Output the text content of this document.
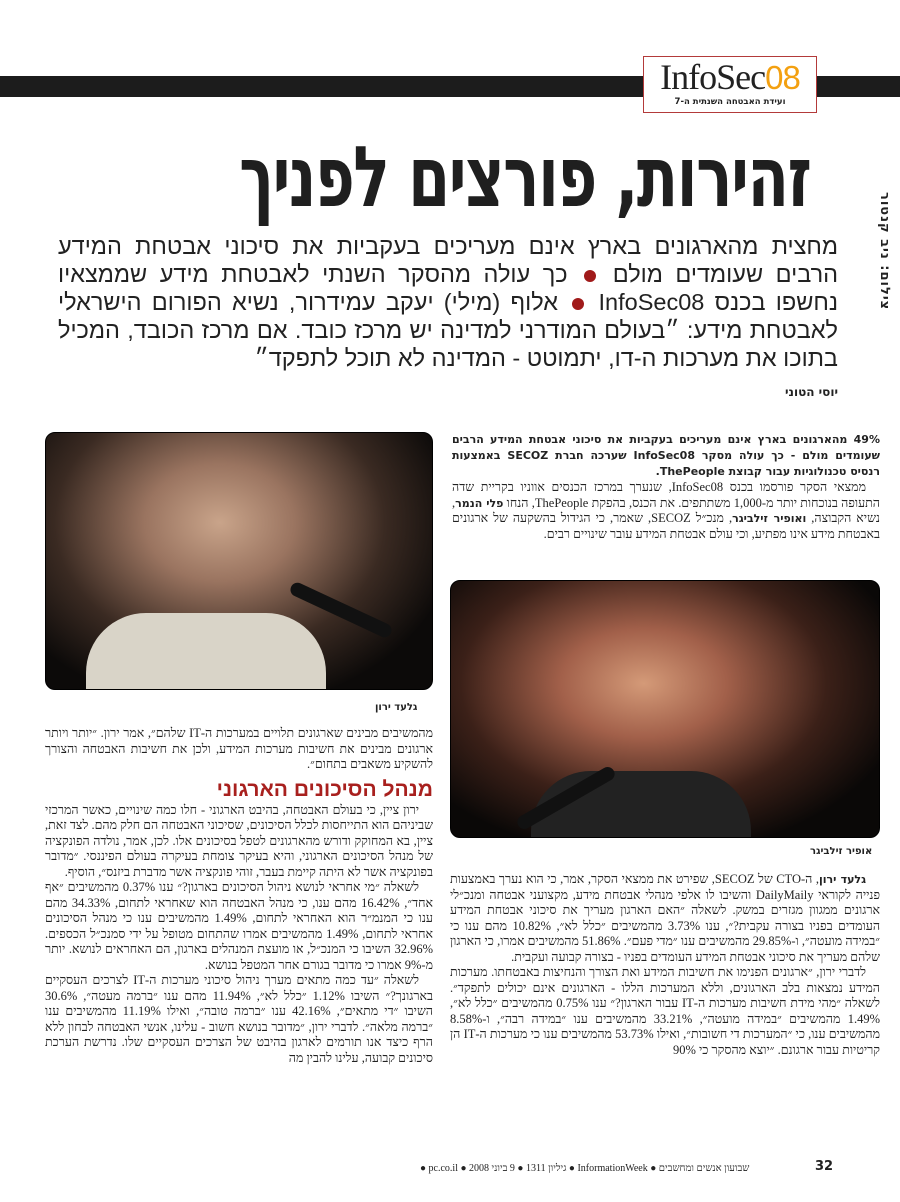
InfoSec08
ועידת האבטחה השנתית ה-7
צילום: ניב קנטור
זהירות, פורצים לפניך
מחצית מהארגונים בארץ אינם מעריכים בעקביות את סיכוני אבטחת המידע הרבים שעומדים מולם  כך עולה מהסקר השנתי לאבטחת מידע שממצאיו נחשפו בכנס InfoSec08  אלוף (מילי) יעקב עמידרור, נשיא הפורום הישראלי לאבטחת מידע: ״בעולם המודרני למדינה יש מרכז כובד. אם מרכז הכובד, המכיל בתוכו את מערכות ה-דו, יתמוטט - המדינה לא תוכל לתפקד״
יוסי הטוני

49% מהארגונים בארץ אינם מעריכים בעקביות את סיכוני אבטחת המידע הרבים שעומדים מולם - כך עולה מסקר InfoSec08 שערכה חברת SECOZ באמצעות רנסיס טכנולוגיות עבור קבוצת ThePeople.

ממצאי הסקר פורסמו בכנס InfoSec08, שנערך במרכז הכנסים אווניו בקריית שדה התעופה בנוכחות יותר מ-1,000 משתתפים. את הכנס, בהפקת ThePeople, הנחו פלי הנמר, נשיא הקבוצה, ואופיר זילביגר, מנכ״ל SECOZ, שאמר, כי הגידול בהשקעה של ארגונים באבטחת מידע אינו מפתיע, וכי עולם אבטחת המידע עובר שינויים רבים.

גלעד ירון
אופיר זילביגר

מהמשיבים מבינים שארגונים תלויים במערכות ה-IT שלהם״, אמר ירון. ״יותר ויותר ארגונים מבינים את חשיבות מערכות המידע, ולכן את חשיבות האבטחה והצורך להשקיע משאבים בתחום״.

מנהל הסיכונים הארגוני

ירון ציין, כי בעולם האבטחה, בהיבט הארגוני - חלו כמה שינויים, כאשר המרכזי שביניהם הוא התייחסות לכלל הסיכונים, שסיכוני האבטחה הם חלק מהם. לצד זאת, ציין, בא המחוקק ודורש מהארגונים לטפל בסיכונים אלו. לכן, אמר, נולדה הפונקציה של מנהל הסיכונים הארגוני, והיא בעיקר צומחת בעיקרה בעולם הפיננסי. ״מדובר בפונקציה אשר לא היתה קיימת בעבר, זוהי פונקציה אשר מדברת ביזנס״, הוסיף.

לשאלה ״מי אחראי לנושא ניהול הסיכונים בארגון?״ ענו 0.37% מהמשיבים ״אף אחד״, 16.42% מהם ענו, כי מנהל האבטחה הוא שאחראי לתחום, 34.33% מהם ענו כי המנמ״ר הוא האחראי לתחום, 1.49% מהמשיבים ענו כי מנהל הסיכונים אחראי לתחום, 1.49% מהמשיבים אמרו שהתחום מטופל על ידי סמנכ״ל הכספים. 32.96% השיבו כי המנכ״ל, או מועצת המנהלים בארגון, הם האחראים לנושא. יותר מ-9% אמרו כי מדובר בגורם אחר המטפל בנושא.

לשאלה ״עד כמה מתאים מערך ניהול סיכוני מערכות ה-IT לצרכים העסקיים בארגונך?״ השיבו 1.12% ״כלל לא״, 11.94% מהם ענו ״ברמה מעטה״, 30.6% השיבו ״די מתאים״, 42.16% ענו ״ברמה טובה״, ואילו 11.19% מהמשיבים ענו ״ברמה מלאה״. לדברי ירון, ״מדובר בנושא חשוב - עלינו, אנשי האבטחה לבחון ללא הרף כיצד אנו תורמים לארגון בהיבט של הצרכים העסקיים שלו. נדרשת הערכת סיכונים קבועה, עלינו להבין מה

גלעד ירון, ה-CTO של SECOZ, שפירט את ממצאי הסקר, אמר, כי הוא נערך באמצעות פנייה לקוראי DailyMaily והשיבו לו אלפי מנהלי אבטחת מידע, מקצועני אבטחה ומנכ״לי ארגונים ממגוון מגזרים במשק. לשאלה ״האם הארגון מעריך את סיכוני אבטחת המידע העומדים בפניו בצורה עקבית?״, ענו 3.73% מהמשיבים ״כלל לא״, 10.82% מהם ענו כי ״במידה מועטה״, ו-29.85% מהמשיבים ענו ״מדי פעם״. 51.86% מהמשיבים אמרו, כי הארגון שלהם מעריך את סיכוני אבטחת המידע העומדים בפניו - בצורה קבועה ועקבית.

לדברי ירון, ״ארגונים הפנימו את חשיבות המידע ואת הצורך והנחיצות באבטחתו. מערכות המידע נמצאות בלב הארגונים, וללא המערכות הללו - הארגונים אינם יכולים לתפקד״. לשאלה ״מהי מידת חשיבות מערכות ה-IT עבור הארגון?״ ענו 0.75% מהמשיבים ״כלל לא״, 1.49% מהמשיבים ״במידה מועטה״, 33.21% מהמשיבים ענו ״במידה רבה״, ו-8.58% מהמשיבים ענו, כי ״המערכות די חשובות״, ואילו 53.73% מהמשיבים ענו כי מערכות ה-IT הן קריטיות עבור ארגונם. ״יוצא מהסקר כי 90%

32
שבועון אנשים ומחשבים ● InformationWeek ● גיליון 1311 ● 9 ביוני 2008 ● pc.co.il ●
